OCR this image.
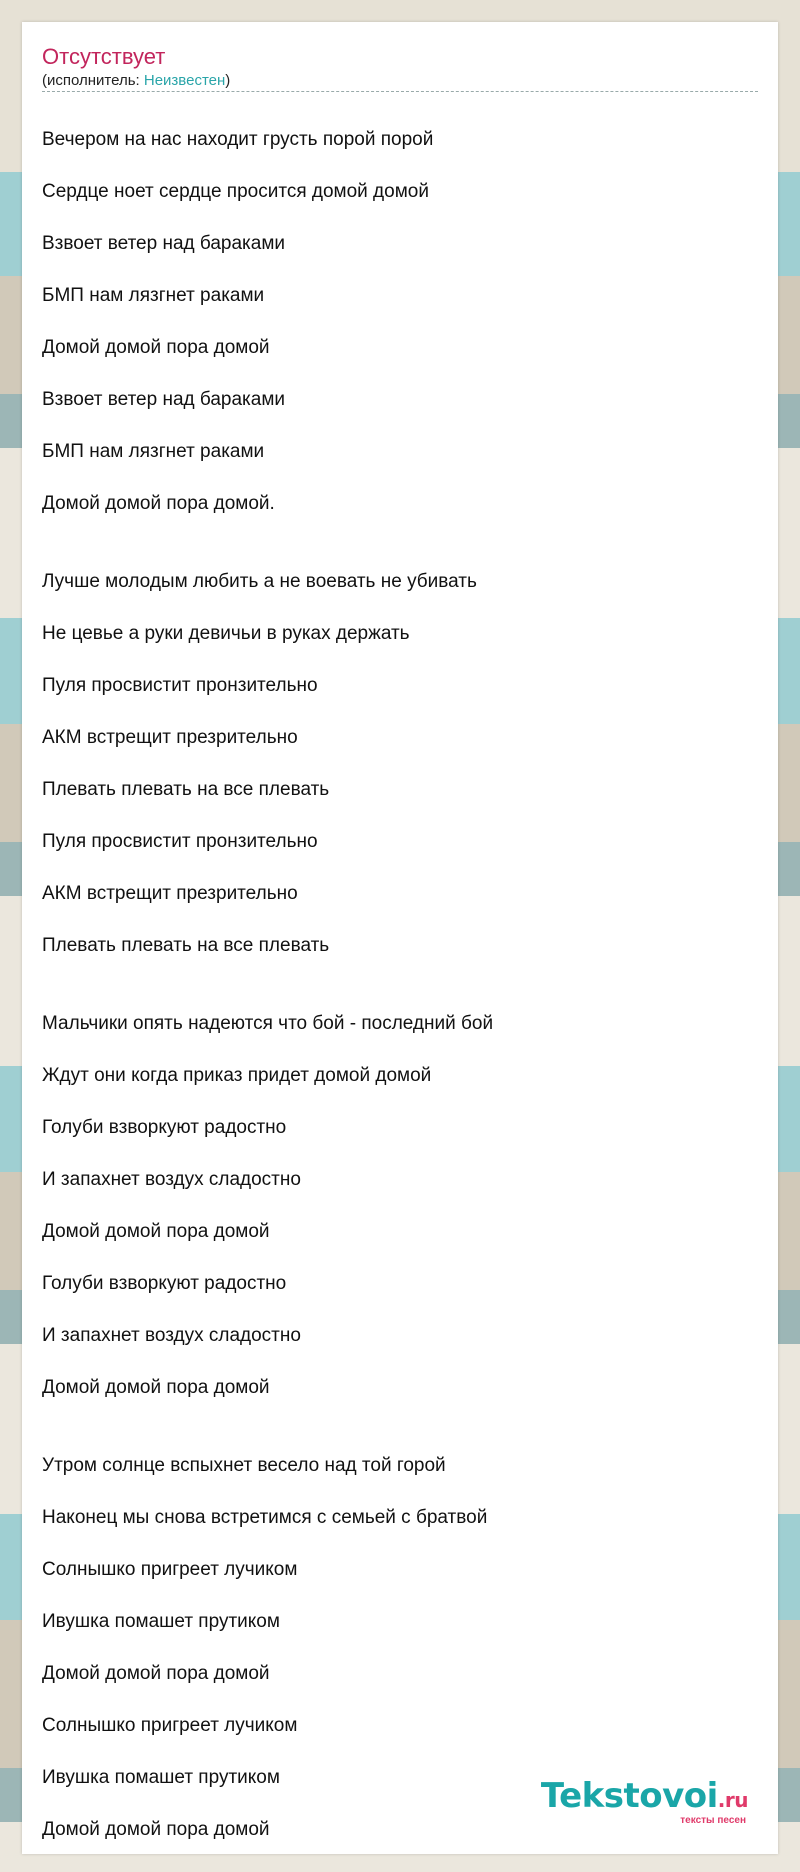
Отсутствует
(исполнитель: Неизвестен)
Вечером на нас находит грусть порой порой
Сердце ноет сердце просится домой домой
Взвоет ветер над бараками
БМП нам лязгнет раками
Домой домой пора домой
Взвоет ветер над бараками
БМП нам лязгнет раками
Домой домой пора домой.
Лучше молодым любить а не воевать не убивать
Не цевье а руки девичьи в руках держать
Пуля просвистит пронзительно
АКМ встрещит презрительно
Плевать плевать на все плевать
Пуля просвистит пронзительно
АКМ встрещит презрительно
Плевать плевать на все плевать
Мальчики опять надеются что бой - последний бой
Ждут они когда приказ придет домой домой
Голуби взворкуют радостно
И запахнет воздух сладостно
Домой домой пора домой
Голуби взворкуют радостно
И запахнет воздух сладостно
Домой домой пора домой
Утром солнце вспыхнет весело над той горой
Наконец мы снова встретимся с семьей с братвой
Солнышко пригреет лучиком
Ивушка помашет прутиком
Домой домой пора домой
Солнышко пригреет лучиком
Ивушка помашет прутиком
Домой домой пора домой
Tekstovoi.ru
тексты песен
